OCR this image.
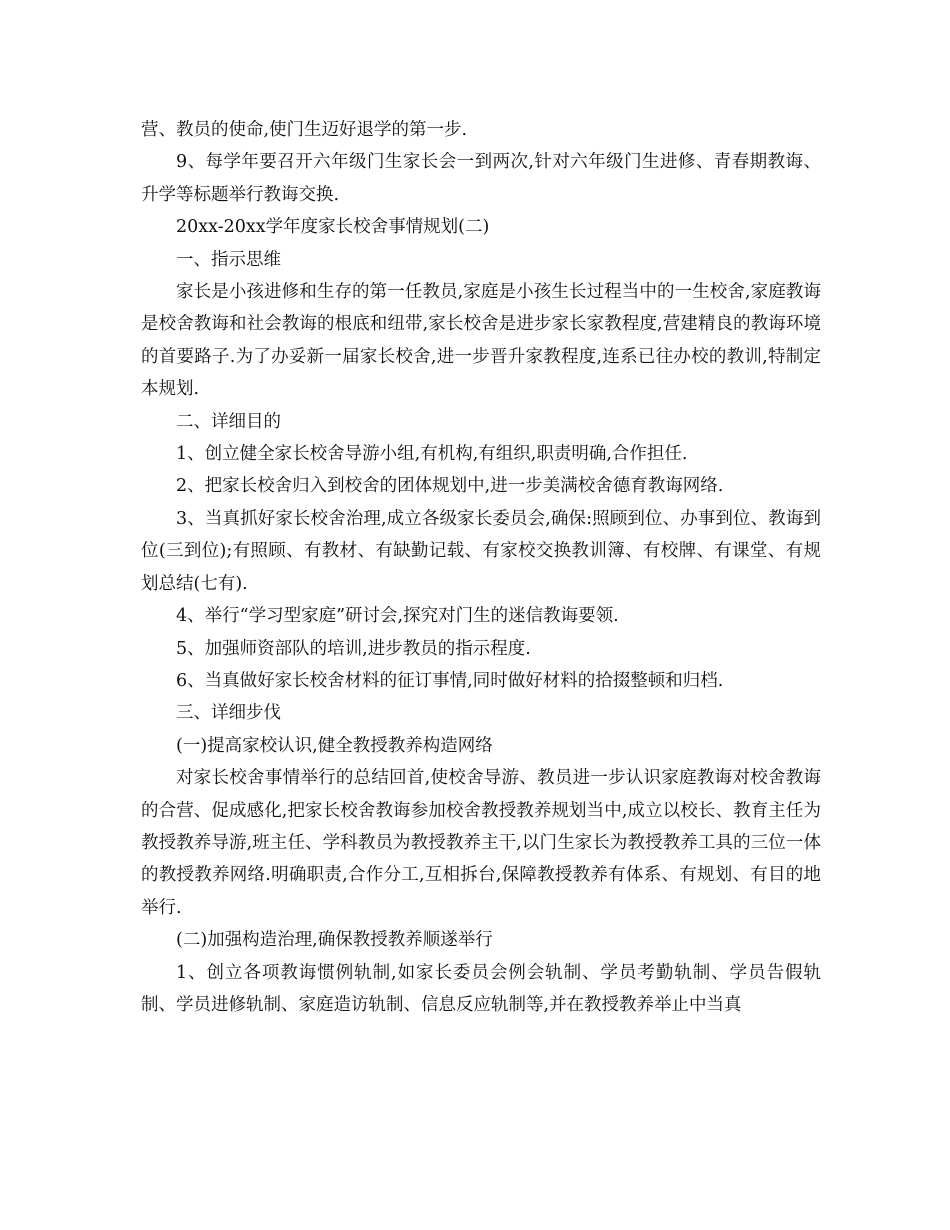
营、教员的使命,使门生迈好退学的第一步.

9、每学年要召开六年级门生家长会一到两次,针对六年级门生进修、青春期教诲、升学等标题举行教诲交换.

20xx-20xx学年度家长校舍事情规划(二)

一、指示思维

家长是小孩进修和生存的第一任教员,家庭是小孩生长过程当中的一生校舍,家庭教诲是校舍教诲和社会教诲的根底和纽带,家长校舍是进步家长家教程度,营建精良的教诲环境的首要路子.为了办妥新一届家长校舍,进一步晋升家教程度,连系已往办校的教训,特制定本规划.

二、详细目的

1、创立健全家长校舍导游小组,有机构,有组织,职责明确,合作担任.

2、把家长校舍归入到校舍的团体规划中,进一步美满校舍德育教诲网络.

3、当真抓好家长校舍治理,成立各级家长委员会,确保:照顾到位、办事到位、教诲到位(三到位);有照顾、有教材、有缺勤记载、有家校交换教训簿、有校牌、有课堂、有规划总结(七有).

4、举行“学习型家庭”研讨会,探究对门生的迷信教诲要领.

5、加强师资部队的培训,进步教员的指示程度.

6、当真做好家长校舍材料的征订事情,同时做好材料的拾掇整顿和归档.

三、详细步伐

(一)提高家校认识,健全教授教养构造网络

对家长校舍事情举行的总结回首,使校舍导游、教员进一步认识家庭教诲对校舍教诲的合营、促成感化,把家长校舍教诲参加校舍教授教养规划当中,成立以校长、教育主任为教授教养导游,班主任、学科教员为教授教养主干,以门生家长为教授教养工具的三位一体的教授教养网络.明确职责,合作分工,互相拆台,保障教授教养有体系、有规划、有目的地举行.

(二)加强构造治理,确保教授教养顺遂举行

1、创立各项教诲惯例轨制,如家长委员会例会轨制、学员考勤轨制、学员告假轨制、学员进修轨制、家庭造访轨制、信息反应轨制等,并在教授教养举止中当真
